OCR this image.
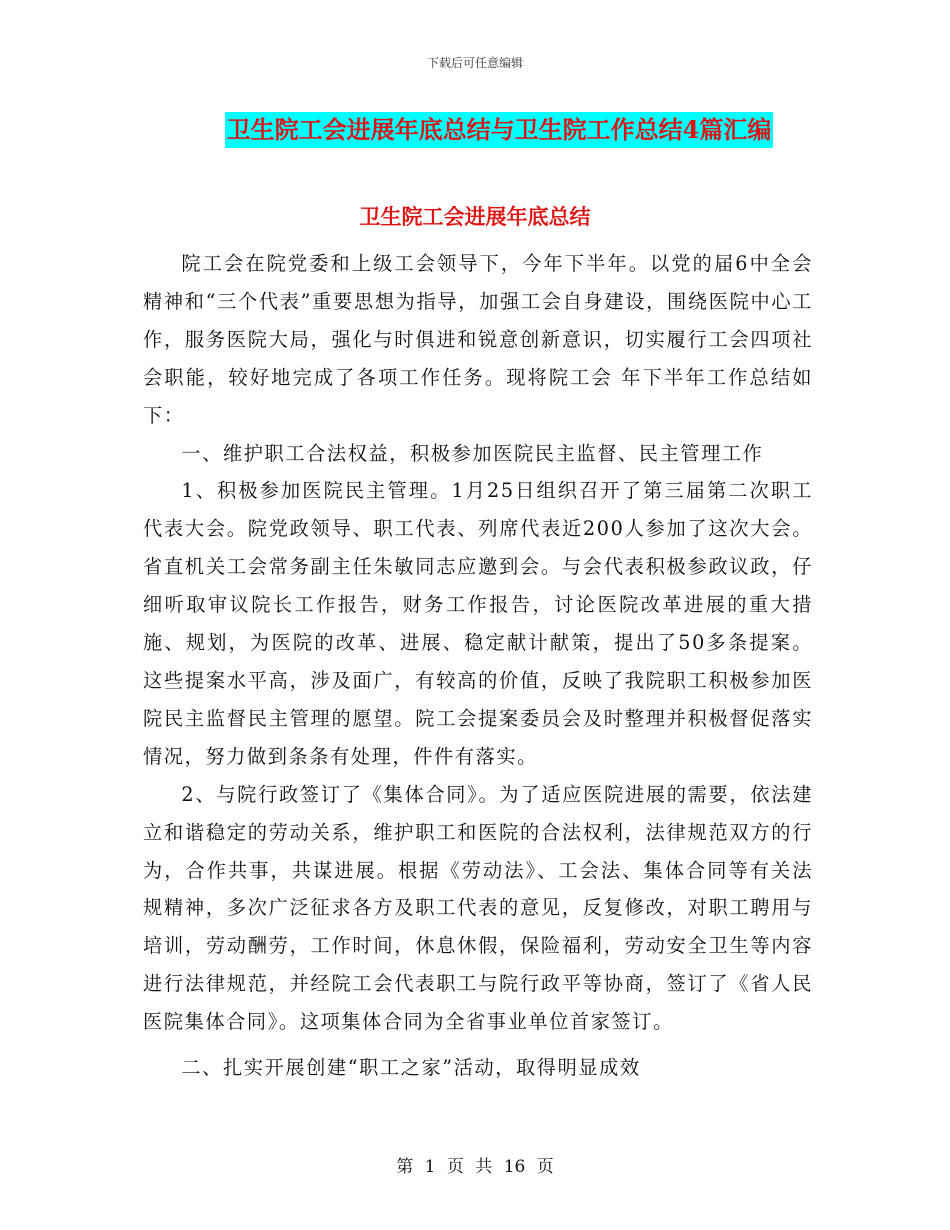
下载后可任意编辑
卫生院工会进展年底总结与卫生院工作总结4篇汇编
卫生院工会进展年底总结

院工会在院党委和上级工会领导下，今年下半年。以党的届6中全会精神和“三个代表”重要思想为指导，加强工会自身建设，围绕医院中心工作，服务医院大局，强化与时俱进和锐意创新意识，切实履行工会四项社会职能，较好地完成了各项工作任务。现将院工会 年下半年工作总结如下：

一、维护职工合法权益，积极参加医院民主监督、民主管理工作

1、积极参加医院民主管理。1月25日组织召开了第三届第二次职工代表大会。院党政领导、职工代表、列席代表近200人参加了这次大会。省直机关工会常务副主任朱敏同志应邀到会。与会代表积极参政议政，仔细听取审议院长工作报告，财务工作报告，讨论医院改革进展的重大措施、规划，为医院的改革、进展、稳定献计献策，提出了50多条提案。这些提案水平高，涉及面广，有较高的价值，反映了我院职工积极参加医院民主监督民主管理的愿望。院工会提案委员会及时整理并积极督促落实情况，努力做到条条有处理，件件有落实。

2、与院行政签订了《集体合同》。为了适应医院进展的需要，依法建立和谐稳定的劳动关系，维护职工和医院的合法权利，法律规范双方的行为，合作共事，共谋进展。根据《劳动法》、工会法、集体合同等有关法规精神，多次广泛征求各方及职工代表的意见，反复修改，对职工聘用与培训，劳动酬劳，工作时间，休息休假，保险福利，劳动安全卫生等内容进行法律规范，并经院工会代表职工与院行政平等协商，签订了《省人民医院集体合同》。这项集体合同为全省事业单位首家签订。

二、扎实开展创建“职工之家”活动，取得明显成效

第 1 页 共 16 页
